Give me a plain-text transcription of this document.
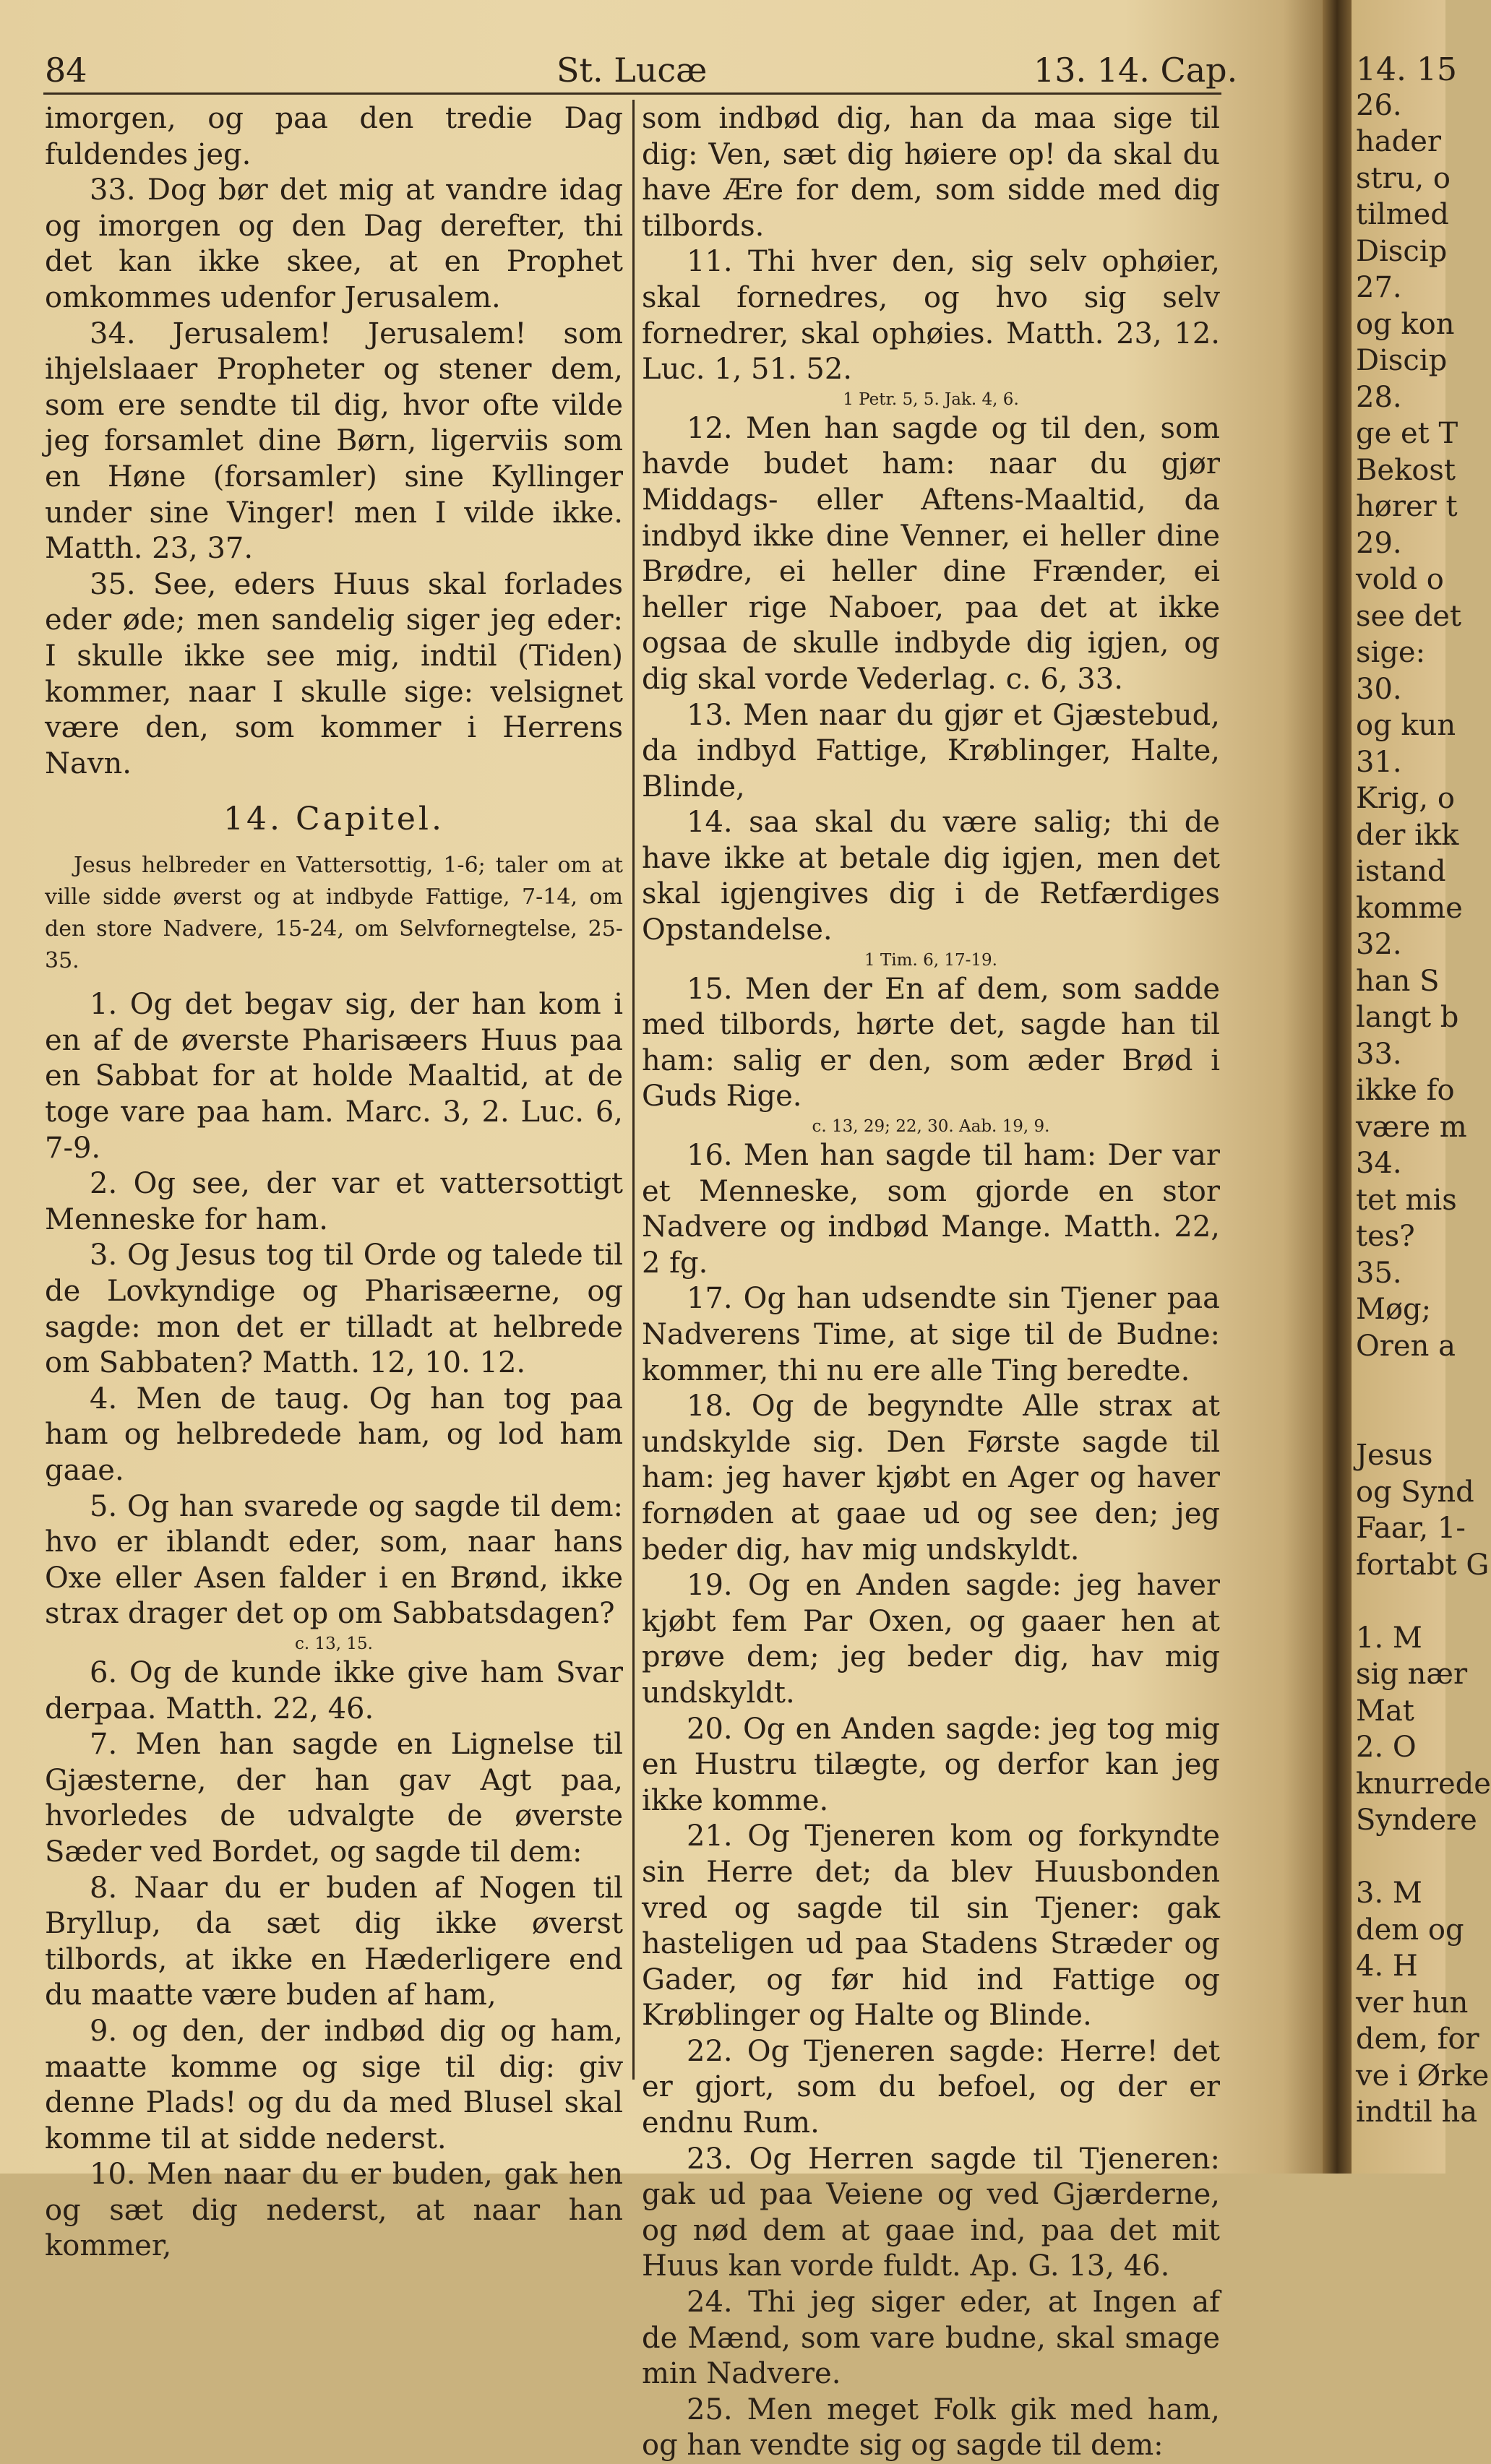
14. 15
26.
hader
stru, o
tilmed
Discip
27.
og kon
Discip
28.
ge et T
Bekost
hører t
29.
vold o
see det
sige:
30.
og kun
31.
Krig, o
der ikk
istand
komme
32.
han S
langt b
33.
ikke fo
være m
34.
tet mis
tes?
35.
Møg;
Oren a

Jesus
og Synd
Faar, 1-
fortabt G

1. M
sig nær
Mat
2. O
knurrede
Syndere

3. M
dem og
4. H
ver hun
dem, for
ve i Ørke
indtil ha
84	St. Lucæ	13. 14. Cap.

imorgen, og paa den tredie Dag fuldendes jeg.

33. Dog bør det mig at vandre idag og imorgen og den Dag derefter, thi det kan ikke skee, at en Prophet omkommes udenfor Jerusalem.

34. Jerusalem! Jerusalem! som ihjelslaaer Propheter og stener dem, som ere sendte til dig, hvor ofte vilde jeg forsamlet dine Børn, ligerviis som en Høne (forsamler) sine Kyllinger under sine Vinger! men I vilde ikke. Matth. 23, 37.

35. See, eders Huus skal forlades eder øde; men sandelig siger jeg eder: I skulle ikke see mig, indtil (Tiden) kommer, naar I skulle sige: velsignet være den, som kommer i Herrens Navn.

14. Capitel.

Jesus helbreder en Vattersottig, 1-6; taler om at ville sidde øverst og at indbyde Fattige, 7-14, om den store Nadvere, 15-24, om Selvfornegtelse, 25-35.

1. Og det begav sig, der han kom i en af de øverste Pharisæers Huus paa en Sabbat for at holde Maaltid, at de toge vare paa ham. Marc. 3, 2. Luc. 6, 7-9.

2. Og see, der var et vattersottigt Menneske for ham.

3. Og Jesus tog til Orde og talede til de Lovkyndige og Pharisæerne, og sagde: mon det er tilladt at helbrede om Sabbaten? Matth. 12, 10. 12.

4. Men de taug. Og han tog paa ham og helbredede ham, og lod ham gaae.

5. Og han svarede og sagde til dem: hvo er iblandt eder, som, naar hans Oxe eller Asen falder i en Brønd, ikke strax drager det op om Sabbatsdagen?

c. 13, 15.

6. Og de kunde ikke give ham Svar derpaa. Matth. 22, 46.

7. Men han sagde en Lignelse til Gjæsterne, der han gav Agt paa, hvorledes de udvalgte de øverste Sæder ved Bordet, og sagde til dem:

8. Naar du er buden af Nogen til Bryllup, da sæt dig ikke øverst tilbords, at ikke en Hæderligere end du maatte være buden af ham,

9. og den, der indbød dig og ham, maatte komme og sige til dig: giv denne Plads! og du da med Blusel skal komme til at sidde nederst.

10. Men naar du er buden, gak hen og sæt dig nederst, at naar han kommer,

som indbød dig, han da maa sige til dig: Ven, sæt dig høiere op! da skal du have Ære for dem, som sidde med dig tilbords.

11. Thi hver den, sig selv ophøier, skal fornedres, og hvo sig selv fornedrer, skal ophøies. Matth. 23, 12. Luc. 1, 51. 52.

1 Petr. 5, 5. Jak. 4, 6.

12. Men han sagde og til den, som havde budet ham: naar du gjør Middags- eller Aftens-Maaltid, da indbyd ikke dine Venner, ei heller dine Brødre, ei heller dine Frænder, ei heller rige Naboer, paa det at ikke ogsaa de skulle indbyde dig igjen, og dig skal vorde Vederlag. c. 6, 33.

13. Men naar du gjør et Gjæstebud, da indbyd Fattige, Krøblinger, Halte, Blinde,

14. saa skal du være salig; thi de have ikke at betale dig igjen, men det skal igjengives dig i de Retfærdiges Opstandelse.

1 Tim. 6, 17-19.

15. Men der En af dem, som sadde med tilbords, hørte det, sagde han til ham: salig er den, som æder Brød i Guds Rige.

c. 13, 29; 22, 30. Aab. 19, 9.

16. Men han sagde til ham: Der var et Menneske, som gjorde en stor Nadvere og indbød Mange. Matth. 22, 2 fg.

17. Og han udsendte sin Tjener paa Nadverens Time, at sige til de Budne: kommer, thi nu ere alle Ting beredte.

18. Og de begyndte Alle strax at undskylde sig. Den Første sagde til ham: jeg haver kjøbt en Ager og haver fornøden at gaae ud og see den; jeg beder dig, hav mig undskyldt.

19. Og en Anden sagde: jeg haver kjøbt fem Par Oxen, og gaaer hen at prøve dem; jeg beder dig, hav mig undskyldt.

20. Og en Anden sagde: jeg tog mig en Hustru tilægte, og derfor kan jeg ikke komme.

21. Og Tjeneren kom og forkyndte sin Herre det; da blev Huusbonden vred og sagde til sin Tjener: gak hasteligen ud paa Stadens Stræder og Gader, og før hid ind Fattige og Krøblinger og Halte og Blinde.

22. Og Tjeneren sagde: Herre! det er gjort, som du befoel, og der er endnu Rum.

23. Og Herren sagde til Tjeneren: gak ud paa Veiene og ved Gjærderne, og nød dem at gaae ind, paa det mit Huus kan vorde fuldt. Ap. G. 13, 46.

24. Thi jeg siger eder, at Ingen af de Mænd, som vare budne, skal smage min Nadvere.

25. Men meget Folk gik med ham, og han vendte sig og sagde til dem:
